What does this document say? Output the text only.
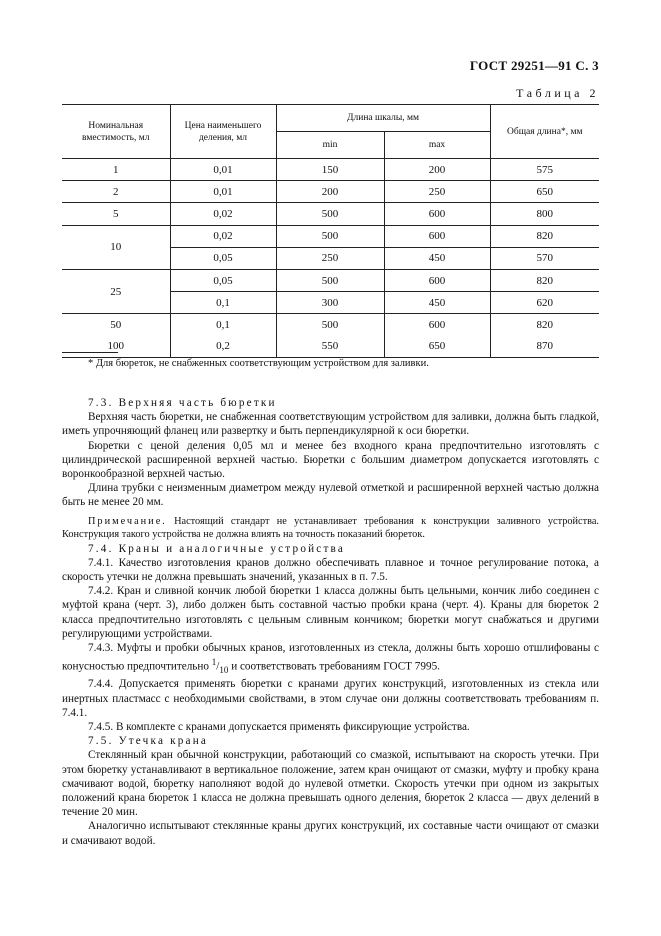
ГОСТ 29251—91 С. 3
Таблица 2
Номинальная вместимость, мл	Цена наименьшего деления, мл	Длина шкалы, мм		Общая длина*, мм
		min	max	
1	0,01	150	200	575
2	0,01	200	250	650
5	0,02	500	600	800
10	0,02	500	600	820
	0,05	250	450	570
25	0,05	500	600	820
	0,1	300	450	620
50	0,1	500	600	820
100	0,2	550	650	870
* Для бюреток, не снабженных соответствующим устройством для заливки.

7.3. Верхняя часть бюретки

Верхняя часть бюретки, не снабженная соответствующим устройством для заливки, должна быть гладкой, иметь упрочняющий фланец или развертку и быть перпендикулярной к оси бюретки.

Бюретки с ценой деления 0,05 мл и менее без входного крана предпочтительно изготовлять с цилиндрической расширенной верхней частью. Бюретки с большим диаметром допускается изготовлять с воронкообразной верхней частью.

Длина трубки с неизменным диаметром между нулевой отметкой и расширенной верхней частью должна быть не менее 20 мм.

Примечание. Настоящий стандарт не устанавливает требования к конструкции заливного устройства. Конструкция такого устройства не должна влиять на точность показаний бюреток.

7.4. Краны и аналогичные устройства

7.4.1. Качество изготовления кранов должно обеспечивать плавное и точное регулирование потока, а скорость утечки не должна превышать значений, указанных в п. 7.5.

7.4.2. Кран и сливной кончик любой бюретки 1 класса должны быть цельными, кончик либо соединен с муфтой крана (черт. 3), либо должен быть составной частью пробки крана (черт. 4). Краны для бюреток 2 класса предпочтительно изготовлять с цельным сливным кончиком; бюретки могут снабжаться и другими регулирующими устройствами.

7.4.3. Муфты и пробки обычных кранов, изготовленных из стекла, должны быть хорошо отшлифованы с конусностью предпочтительно $^1/_{10}$ и соответствовать требованиям ГОСТ 7995.

7.4.4. Допускается применять бюретки с кранами других конструкций, изготовленных из стекла или инертных пластмасс с необходимыми свойствами, в этом случае они должны соответствовать требованиям п. 7.4.1.

7.4.5. В комплекте с кранами допускается применять фиксирующие устройства.

7.5. Утечка крана

Стеклянный кран обычной конструкции, работающий со смазкой, испытывают на скорость утечки. При этом бюретку устанавливают в вертикальное положение, затем кран очищают от смазки, муфту и пробку крана смачивают водой, бюретку наполняют водой до нулевой отметки. Скорость утечки при одном из закрытых положений крана бюреток 1 класса не должна превышать одного деления, бюреток 2 класса — двух делений в течение 20 мин.

Аналогично испытывают стеклянные краны других конструкций, их составные части очищают от смазки и смачивают водой.
